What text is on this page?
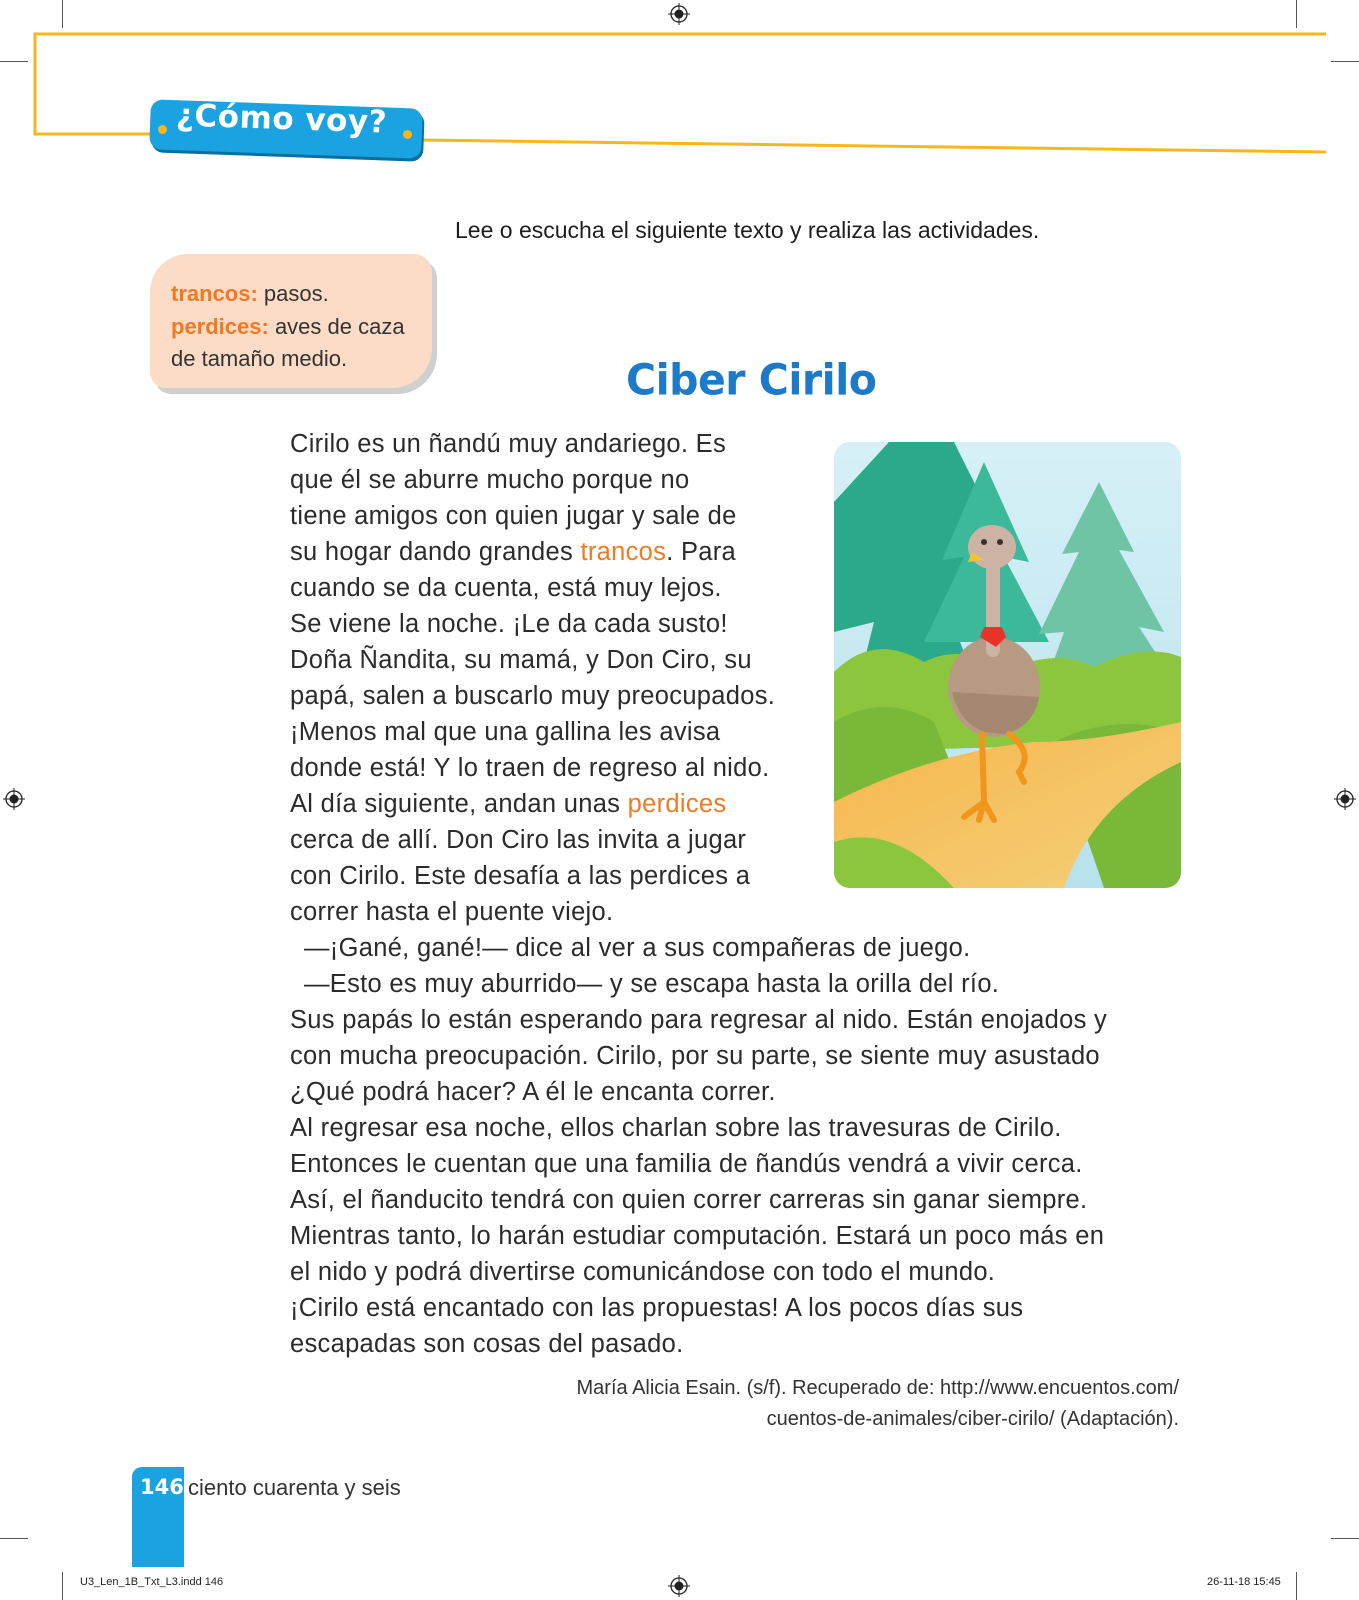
¿Cómo voy?
Lee o escucha el siguiente texto y realiza las actividades.
trancos: pasos.
perdices: aves de caza
de tamaño medio.	Ciber Cirilo
Cirilo es un ñandú muy andariego. Es
que él se aburre mucho porque no
tiene amigos con quien jugar y sale de
su hogar dando grandes trancos. Para
cuando se da cuenta, está muy lejos.
Se viene la noche. ¡Le da cada susto!
Doña Ñandita, su mamá, y Don Ciro, su
papá, salen a buscarlo muy preocupados.
¡Menos mal que una gallina les avisa
donde está! Y lo traen de regreso al nido.
Al día siguiente, andan unas perdices
cerca de allí. Don Ciro las invita a jugar
con Cirilo. Este desafía a las perdices a
correr hasta el puente viejo.
—¡Gané, gané!— dice al ver a sus compañeras de juego.
—Esto es muy aburrido— y se escapa hasta la orilla del río.
Sus papás lo están esperando para regresar al nido. Están enojados y
con mucha preocupación. Cirilo, por su parte, se siente muy asustado
¿Qué podrá hacer? A él le encanta correr.
Al regresar esa noche, ellos charlan sobre las travesuras de Cirilo.
Entonces le cuentan que una familia de ñandús vendrá a vivir cerca.
Así, el ñanducito tendrá con quien correr carreras sin ganar siempre.
Mientras tanto, lo harán estudiar computación. Estará un poco más en
el nido y podrá divertirse comunicándose con todo el mundo.
¡Cirilo está encantado con las propuestas! A los pocos días sus
escapadas son cosas del pasado.
María Alicia Esain. (s/f). Recuperado de: http://www.encuentos.com/
cuentos-de-animales/ciber-cirilo/ (Adaptación).
146 ciento cuarenta y seis
U3_Len_1B_Txt_L3.indd 146	26-11-18 15:45
